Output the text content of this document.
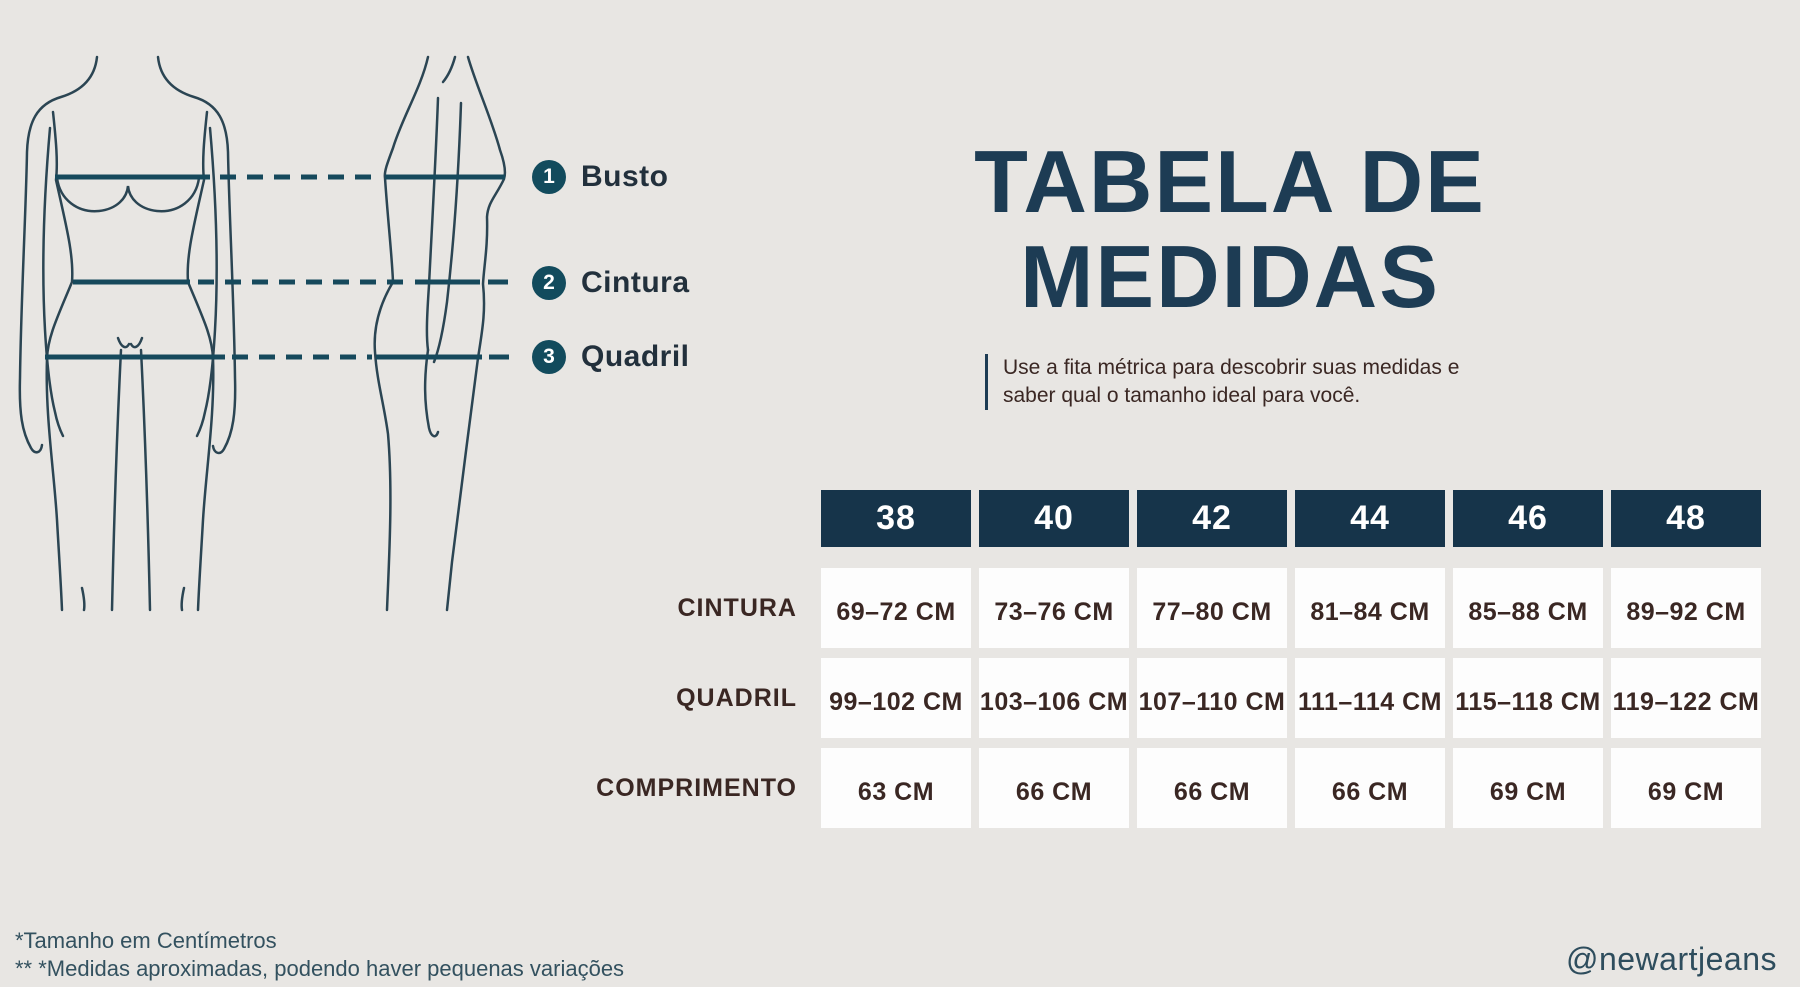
1 Busto
2 Cintura
3 Quadril
TABELA DE
MEDIDAS
Use a fita métrica para descobrir suas medidas e
saber qual o tamanho ideal para você.
38	40	42	44	46	48
CINTURA	69–72 CM	73–76 CM	77–80 CM	81–84 CM	85–88 CM	89–92 CM
QUADRIL	99–102 CM 103–106 CM 107–110 CM 111–114 CM 115–118 CM 119–122 CM
COMPRIMENTO	63 CM	66 CM	66 CM	66 CM	69 CM	69 CM
*Tamanho em Centímetros
** *Medidas aproximadas, podendo haver pequenas variações	@newartjeans
